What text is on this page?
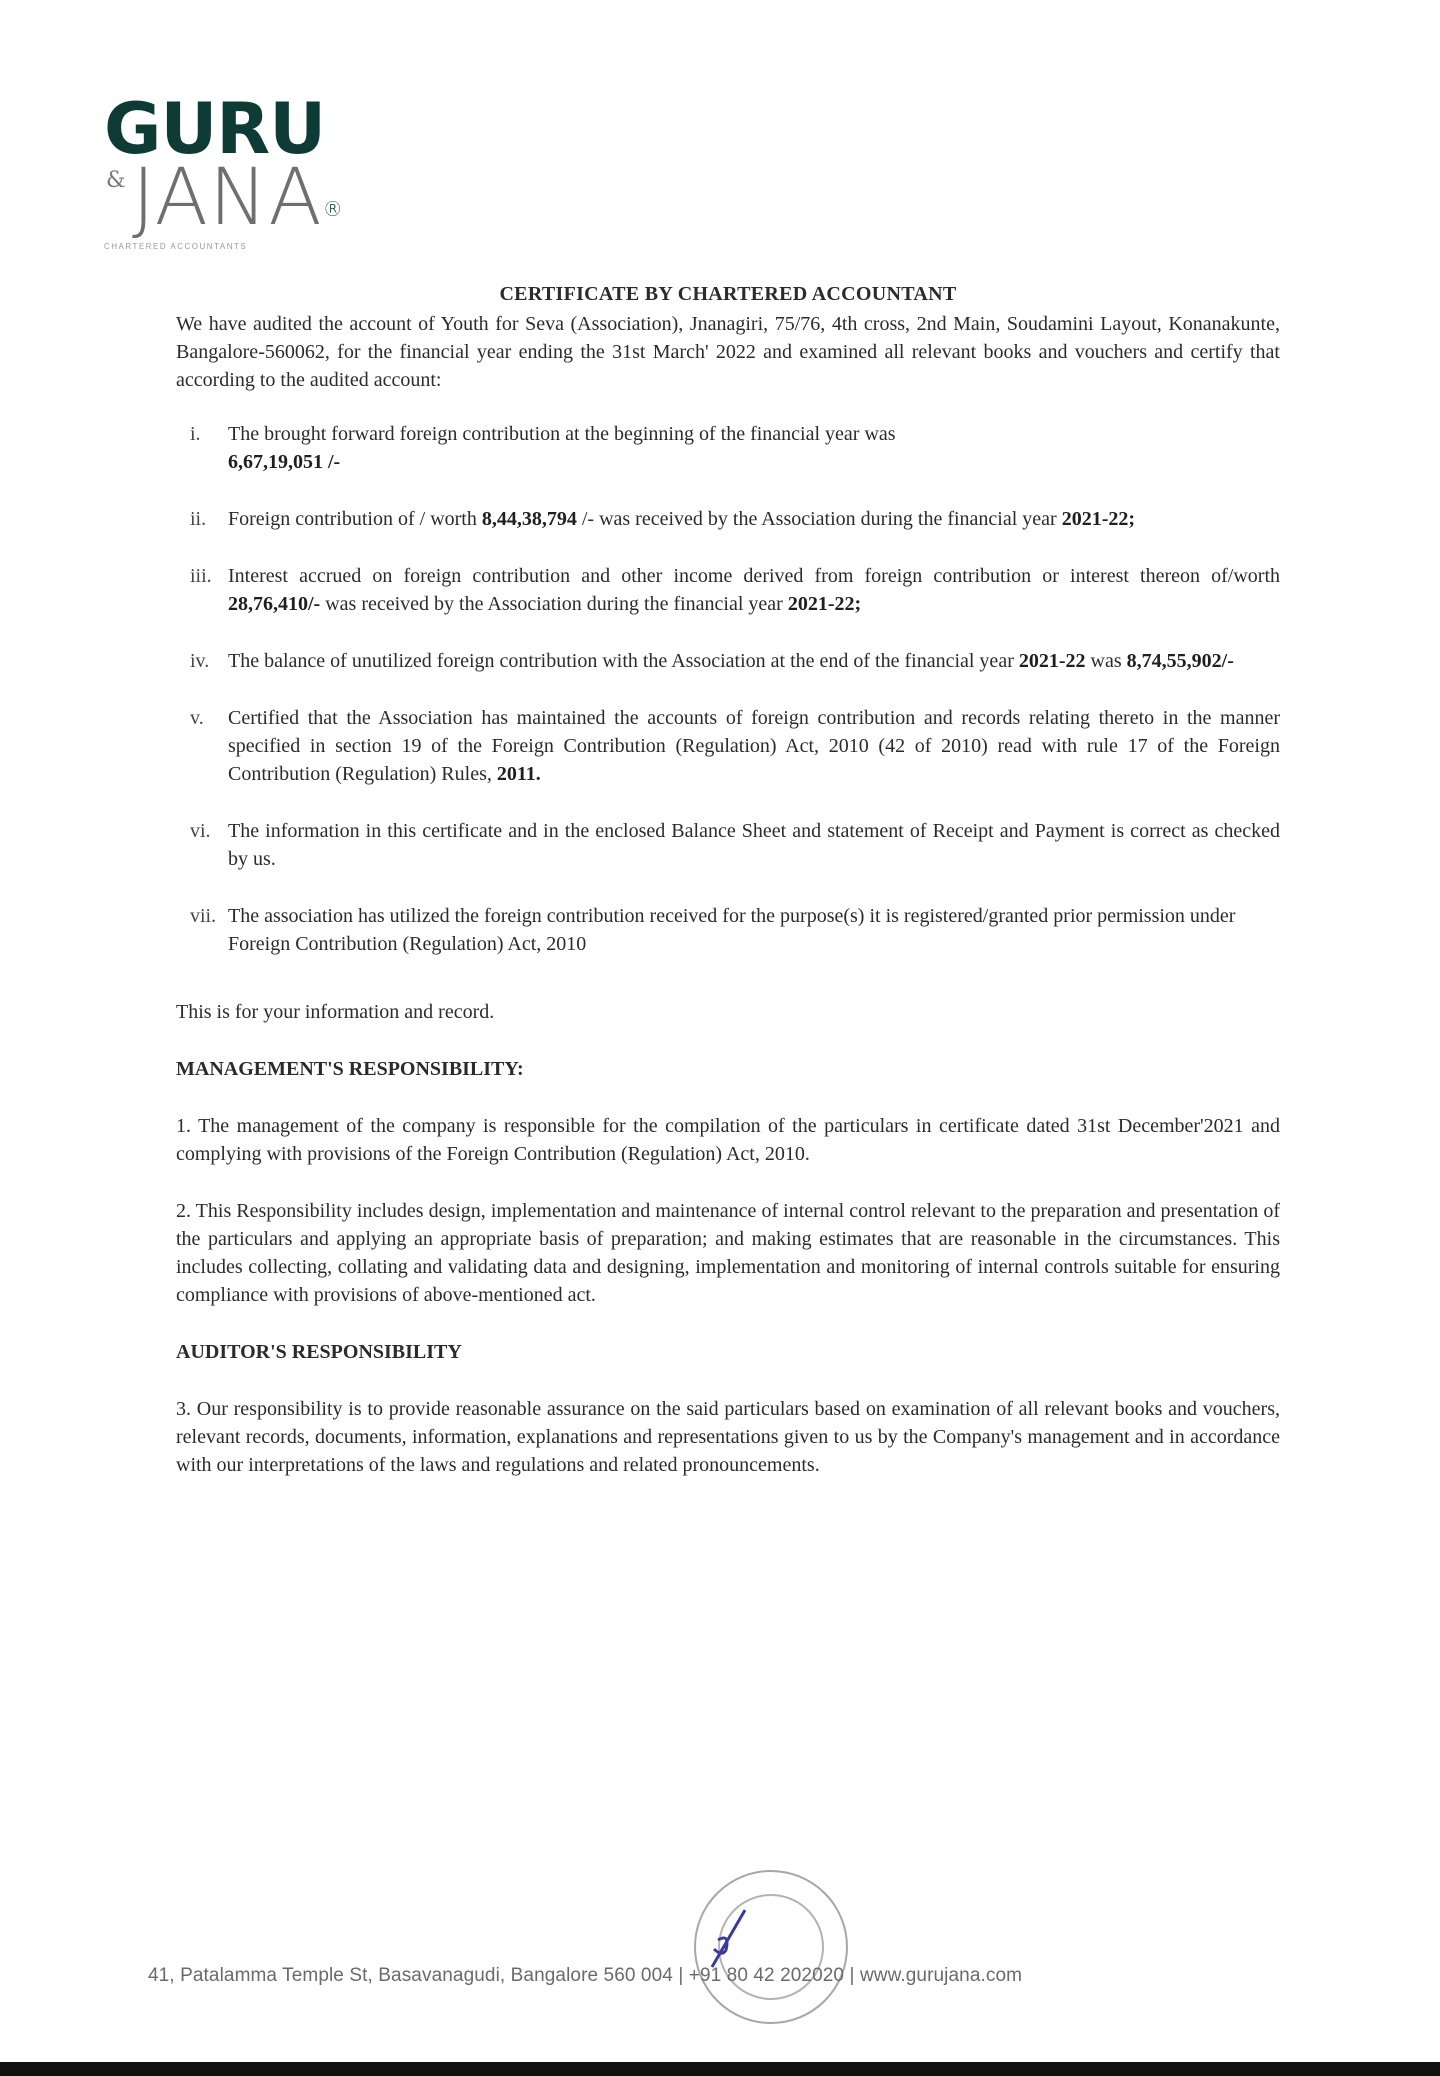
GURU
& JANA®
CHARTERED ACCOUNTANTS

CERTIFICATE BY CHARTERED ACCOUNTANT

We have audited the account of Youth for Seva (Association), Jnanagiri, 75/76, 4th cross, 2nd Main, Soudamini Layout, Konanakunte, Bangalore-560062, for the financial year ending the 31st March' 2022 and examined all relevant books and vouchers and certify that according to the audited account:

i.	The brought forward foreign contribution at the beginning of the financial year was
6,67,19,051 /-
ii.	Foreign contribution of / worth 8,44,38,794 /- was received by the Association during the financial year 2021-22;
iii. Interest accrued on foreign contribution and other income derived from foreign contribution or interest thereon of/worth 28,76,410/- was received by the Association during the financial year 2021-22;
iv. The balance of unutilized foreign contribution with the Association at the end of the financial year 2021-22 was 8,74,55,902/-
v.	Certified that the Association has maintained the accounts of foreign contribution and records relating thereto in the manner specified in section 19 of the Foreign Contribution (Regulation) Act, 2010 (42 of 2010) read with rule 17 of the Foreign Contribution (Regulation) Rules, 2011.
vi. The information in this certificate and in the enclosed Balance Sheet and statement of Receipt and Payment is correct as checked by us.
vii. The association has utilized the foreign contribution received for the purpose(s) it is registered/granted prior permission under Foreign Contribution (Regulation) Act, 2010

This is for your information and record.

MANAGEMENT'S RESPONSIBILITY:

1. The management of the company is responsible for the compilation of the particulars in certificate dated 31st December'2021 and complying with provisions of the Foreign Contribution (Regulation) Act, 2010.

2. This Responsibility includes design, implementation and maintenance of internal control relevant to the preparation and presentation of the particulars and applying an appropriate basis of preparation; and making estimates that are reasonable in the circumstances. This includes collecting, collating and validating data and designing, implementation and monitoring of internal controls suitable for ensuring compliance with provisions of above-mentioned act.

AUDITOR'S RESPONSIBILITY

3. Our responsibility is to provide reasonable assurance on the said particulars based on examination of all relevant books and vouchers, relevant records, documents, information, explanations and representations given to us by the Company's management and in accordance with our interpretations of the laws and regulations and related pronouncements.

41, Patalamma Temple St, Basavanagudi, Bangalore 560 004 | +91 80 42 202020 | www.gurujana.com
